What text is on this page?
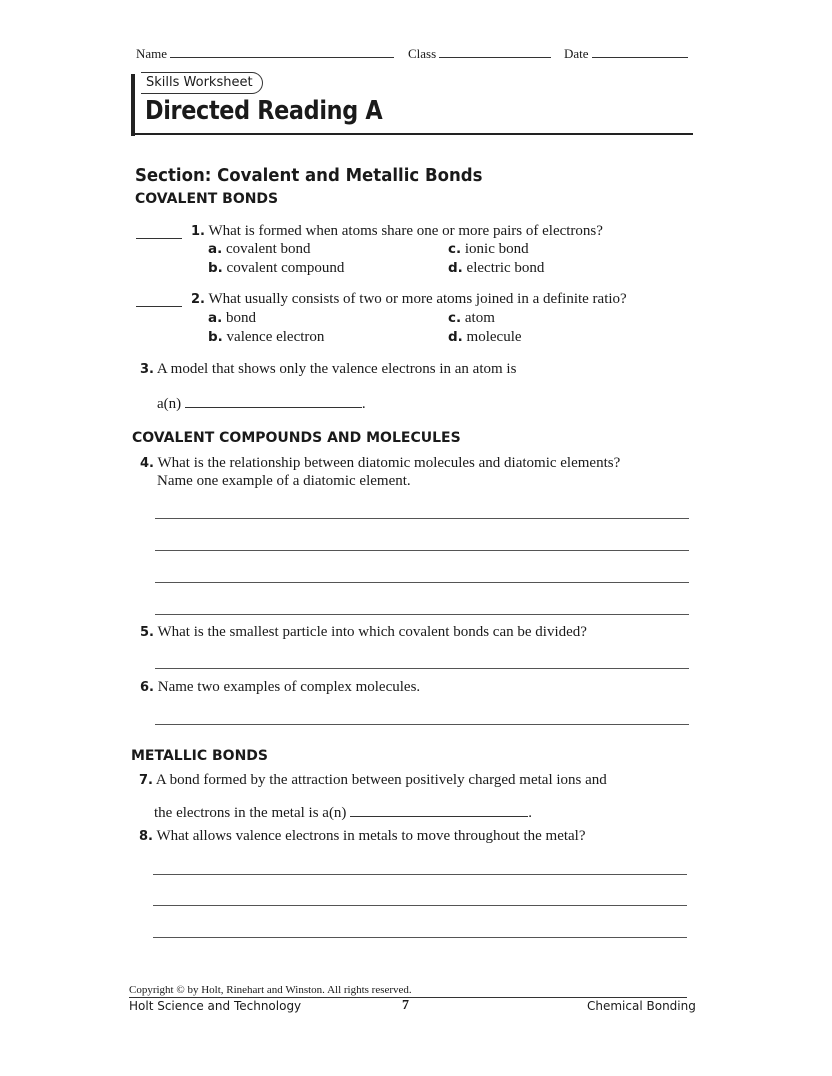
Name	Class	Date
Skills Worksheet
Directed Reading A
Section: Covalent and Metallic Bonds
COVALENT BONDS
1. What is formed when atoms share one or more pairs of electrons?
a. covalent bond	c. ionic bond
b. covalent compound	d. electric bond
2. What usually consists of two or more atoms joined in a definite ratio?
a. bond	c. atom
b. valence electron	d. molecule
3. A model that shows only the valence electrons in an atom is
a(n)	.
COVALENT COMPOUNDS AND MOLECULES
4. What is the relationship between diatomic molecules and diatomic elements?
Name one example of a diatomic element.
5. What is the smallest particle into which covalent bonds can be divided?
6. Name two examples of complex molecules.
METALLIC BONDS
7. A bond formed by the attraction between positively charged metal ions and
the electrons in the metal is a(n)	.
8. What allows valence electrons in metals to move throughout the metal?
Copyright © by Holt, Rinehart and Winston. All rights reserved.
Holt Science and Technology	7	Chemical Bonding
